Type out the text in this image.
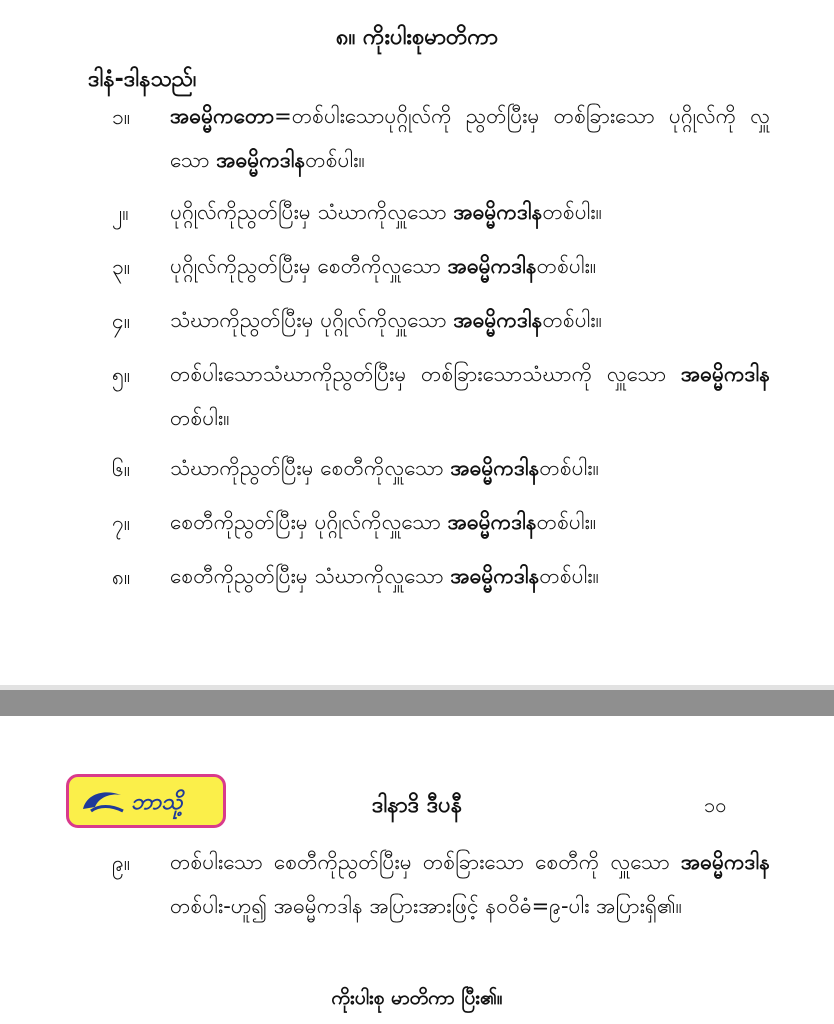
၈။ ကိုးပါးစုမာတိကာ
ဒါနံ-ဒါနသည်၊
၁။ အဓမ္မိကတော=တစ်ပါးသောပုဂ္ဂိုလ်ကို ညွတ်ပြီးမှ တစ်ခြားသော ပုဂ္ဂိုလ်ကို လှူသော အဓမ္မိကဒါနတစ်ပါး။
၂။ ပုဂ္ဂိုလ်ကိုညွတ်ပြီးမှ သံဃာကိုလှူသော အဓမ္မိကဒါနတစ်ပါး။
၃။ ပုဂ္ဂိုလ်ကိုညွတ်ပြီးမှ စေတီကိုလှူသော အဓမ္မိကဒါနတစ်ပါး။
၄။ သံဃာကိုညွတ်ပြီးမှ ပုဂ္ဂိုလ်ကိုလှူသော အဓမ္မိကဒါနတစ်ပါး။
၅။ တစ်ပါးသောသံဃာကိုညွတ်ပြီးမှ တစ်ခြားသောသံဃာကို လှူသော အဓမ္မိကဒါနတစ်ပါး။
၆။ သံဃာကိုညွတ်ပြီးမှ စေတီကိုလှူသော အဓမ္မိကဒါနတစ်ပါး။
၇။ စေတီကိုညွတ်ပြီးမှ ပုဂ္ဂိုလ်ကိုလှူသော အဓမ္မိကဒါနတစ်ပါး။
၈။ စေတီကိုညွတ်ပြီးမှ သံဃာကိုလှူသော အဓမ္မိကဒါနတစ်ပါး။
ဘာသို့	ဒါနာဒိ ဒီပနီ	၁၀
၉။ တစ်ပါးသော စေတီကိုညွတ်ပြီးမှ တစ်ခြားသော စေတီကို လှူသော အဓမ္မိကဒါနတစ်ပါး-ဟူ၍ အဓမ္မိကဒါန အပြားအားဖြင့် နဝဝိဓံ=၉-ပါး အပြားရှိ၏။
ကိုးပါးစု မာတိကာ ပြီး၏။
